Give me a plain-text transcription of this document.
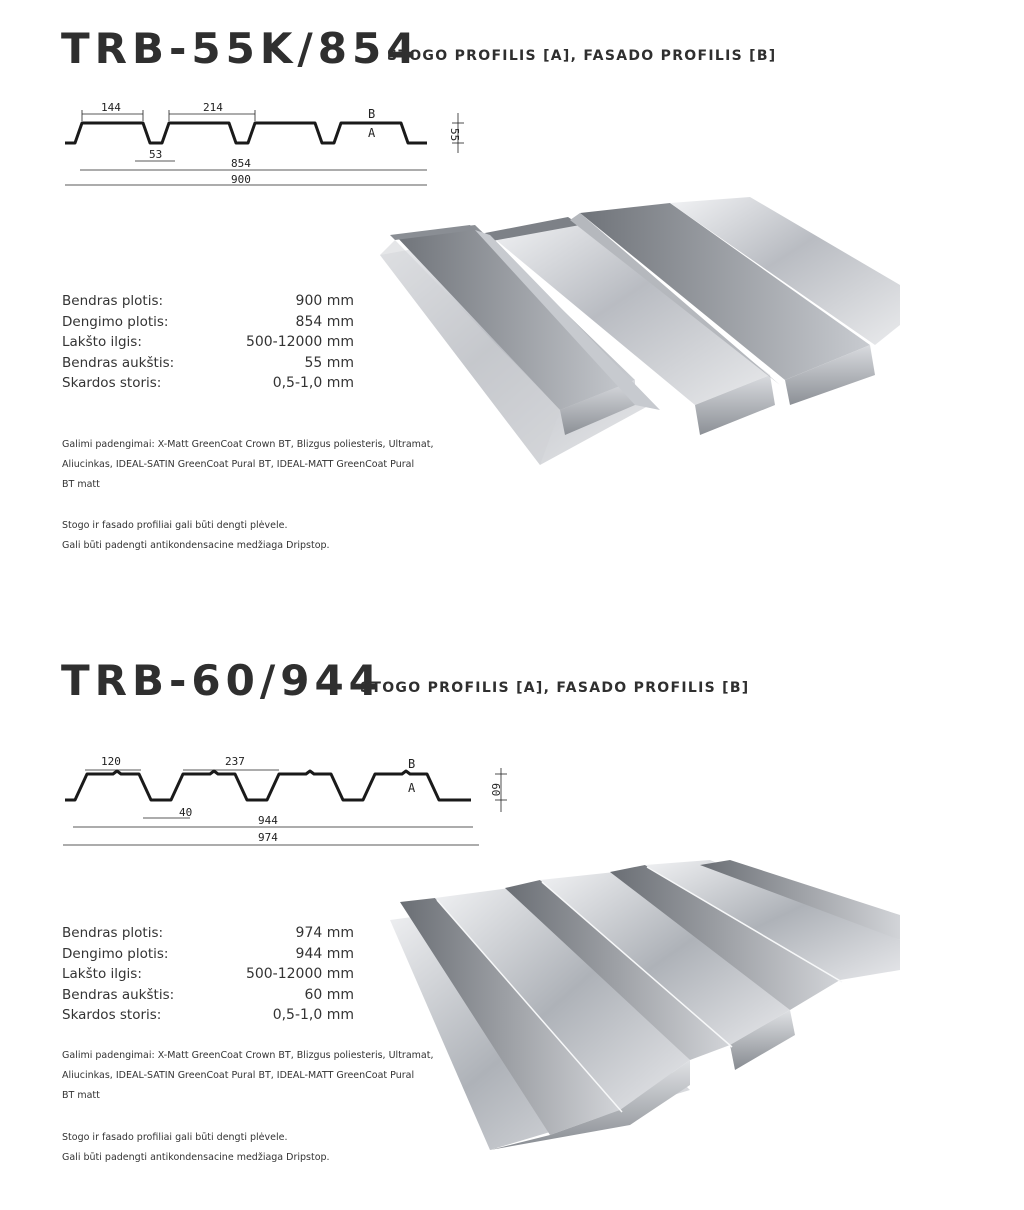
TRB-55K/854
STOGO PROFILIS [A], FASADO PROFILIS [B]
144	214	B
A	55
53
854
900
Bendras plotis:	900 mm
Dengimo plotis:	854 mm
Lakšto ilgis:	500-12000 mm
Bendras aukštis:	55 mm
Skardos storis:	0,5-1,0 mm

Galimi padengimai: X-Matt GreenCoat Crown BT, Blizgus poliesteris, Ultramat,

Aliucinkas, IDEAL-SATIN GreenCoat Pural BT, IDEAL-MATT GreenCoat Pural

BT matt

Stogo ir fasado profiliai gali būti dengti plėvele.

Gali būti padengti antikondensacine medžiaga Dripstop.

TRB-60/944
STOGO PROFILIS [A], FASADO PROFILIS [B]
120	237	B
A	60
40
944
974
Bendras plotis:	974 mm
Dengimo plotis:	944 mm
Lakšto ilgis:	500-12000 mm
Bendras aukštis:	60 mm
Skardos storis:	0,5-1,0 mm

Galimi padengimai: X-Matt GreenCoat Crown BT, Blizgus poliesteris, Ultramat,

Aliucinkas, IDEAL-SATIN GreenCoat Pural BT, IDEAL-MATT GreenCoat Pural

BT matt

Stogo ir fasado profiliai gali būti dengti plėvele.

Gali būti padengti antikondensacine medžiaga Dripstop.
